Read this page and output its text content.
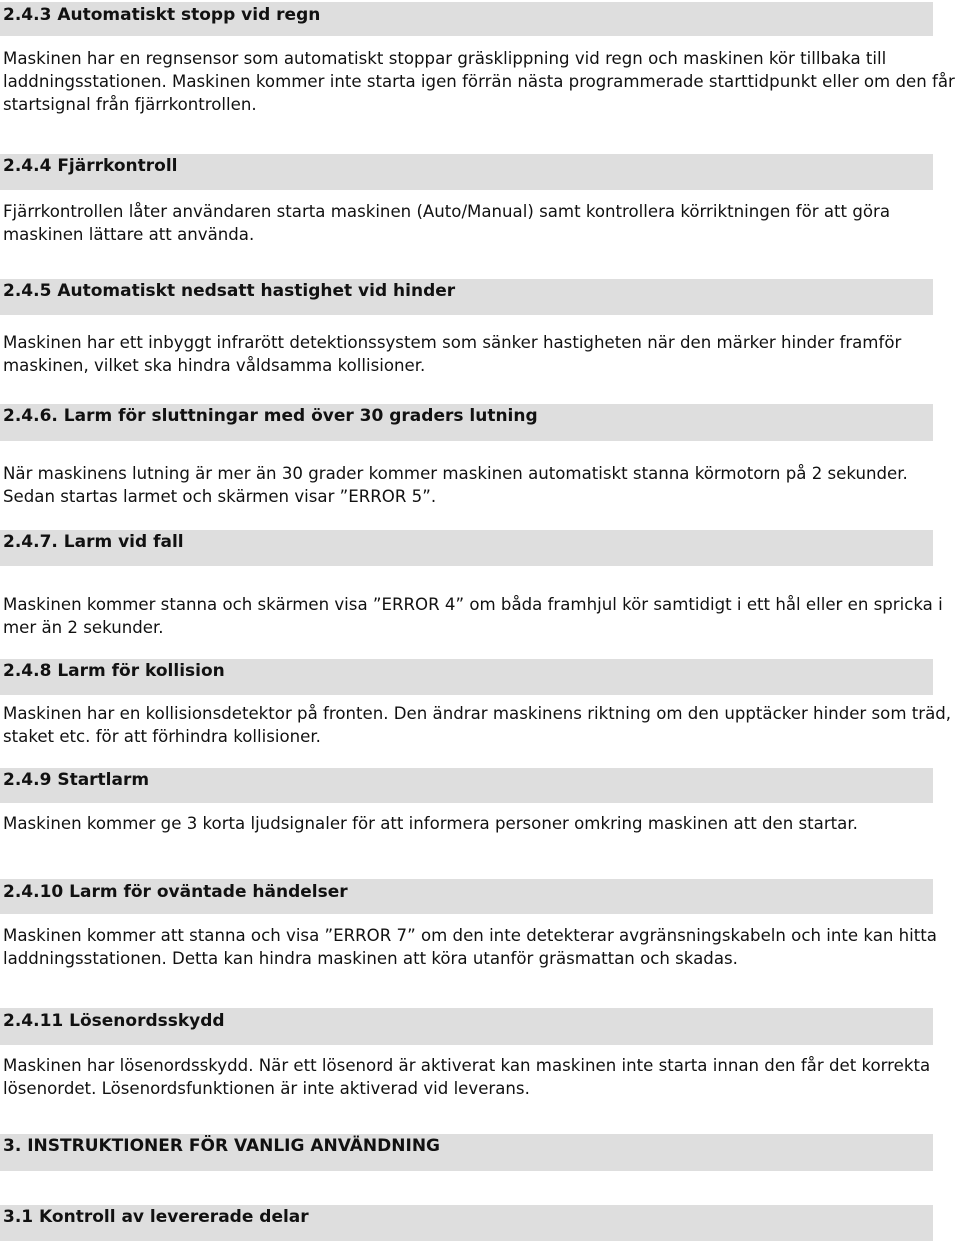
2.4.3 Automatiskt stopp vid regn

Maskinen har en regnsensor som automatiskt stoppar gräsklippning vid regn och maskinen kör tillbaka till laddningsstationen. Maskinen kommer inte starta igen förrän nästa programmerade starttidpunkt eller om den får startsignal från fjärrkontrollen.

2.4.4 Fjärrkontroll

Fjärrkontrollen låter användaren starta maskinen (Auto/Manual) samt kontrollera körriktningen för att göra maskinen lättare att använda.

2.4.5 Automatiskt nedsatt hastighet vid hinder

Maskinen har ett inbyggt infrarött detektionssystem som sänker hastigheten när den märker hinder framför maskinen, vilket ska hindra våldsamma kollisioner.

2.4.6. Larm för sluttningar med över 30 graders lutning

När maskinens lutning är mer än 30 grader kommer maskinen automatiskt stanna körmotorn på 2 sekunder. Sedan startas larmet och skärmen visar ”ERROR 5”.

2.4.7. Larm vid fall

Maskinen kommer stanna och skärmen visa ”ERROR 4” om båda framhjul kör samtidigt i ett hål eller en spricka i mer än 2 sekunder.

2.4.8 Larm för kollision

Maskinen har en kollisionsdetektor på fronten. Den ändrar maskinens riktning om den upptäcker hinder som träd, staket etc. för att förhindra kollisioner.

2.4.9 Startlarm

Maskinen kommer ge 3 korta ljudsignaler för att informera personer omkring maskinen att den startar.

2.4.10 Larm för oväntade händelser

Maskinen kommer att stanna och visa ”ERROR 7” om den inte detekterar avgränsningskabeln och inte kan hitta laddningsstationen. Detta kan hindra maskinen att köra utanför gräsmattan och skadas.

2.4.11 Lösenordsskydd

Maskinen har lösenordsskydd. När ett lösenord är aktiverat kan maskinen inte starta innan den får det korrekta lösenordet. Lösenordsfunktionen är inte aktiverad vid leverans.

3. INSTRUKTIONER FÖR VANLIG ANVÄNDNING
3.1 Kontroll av levererade delar
